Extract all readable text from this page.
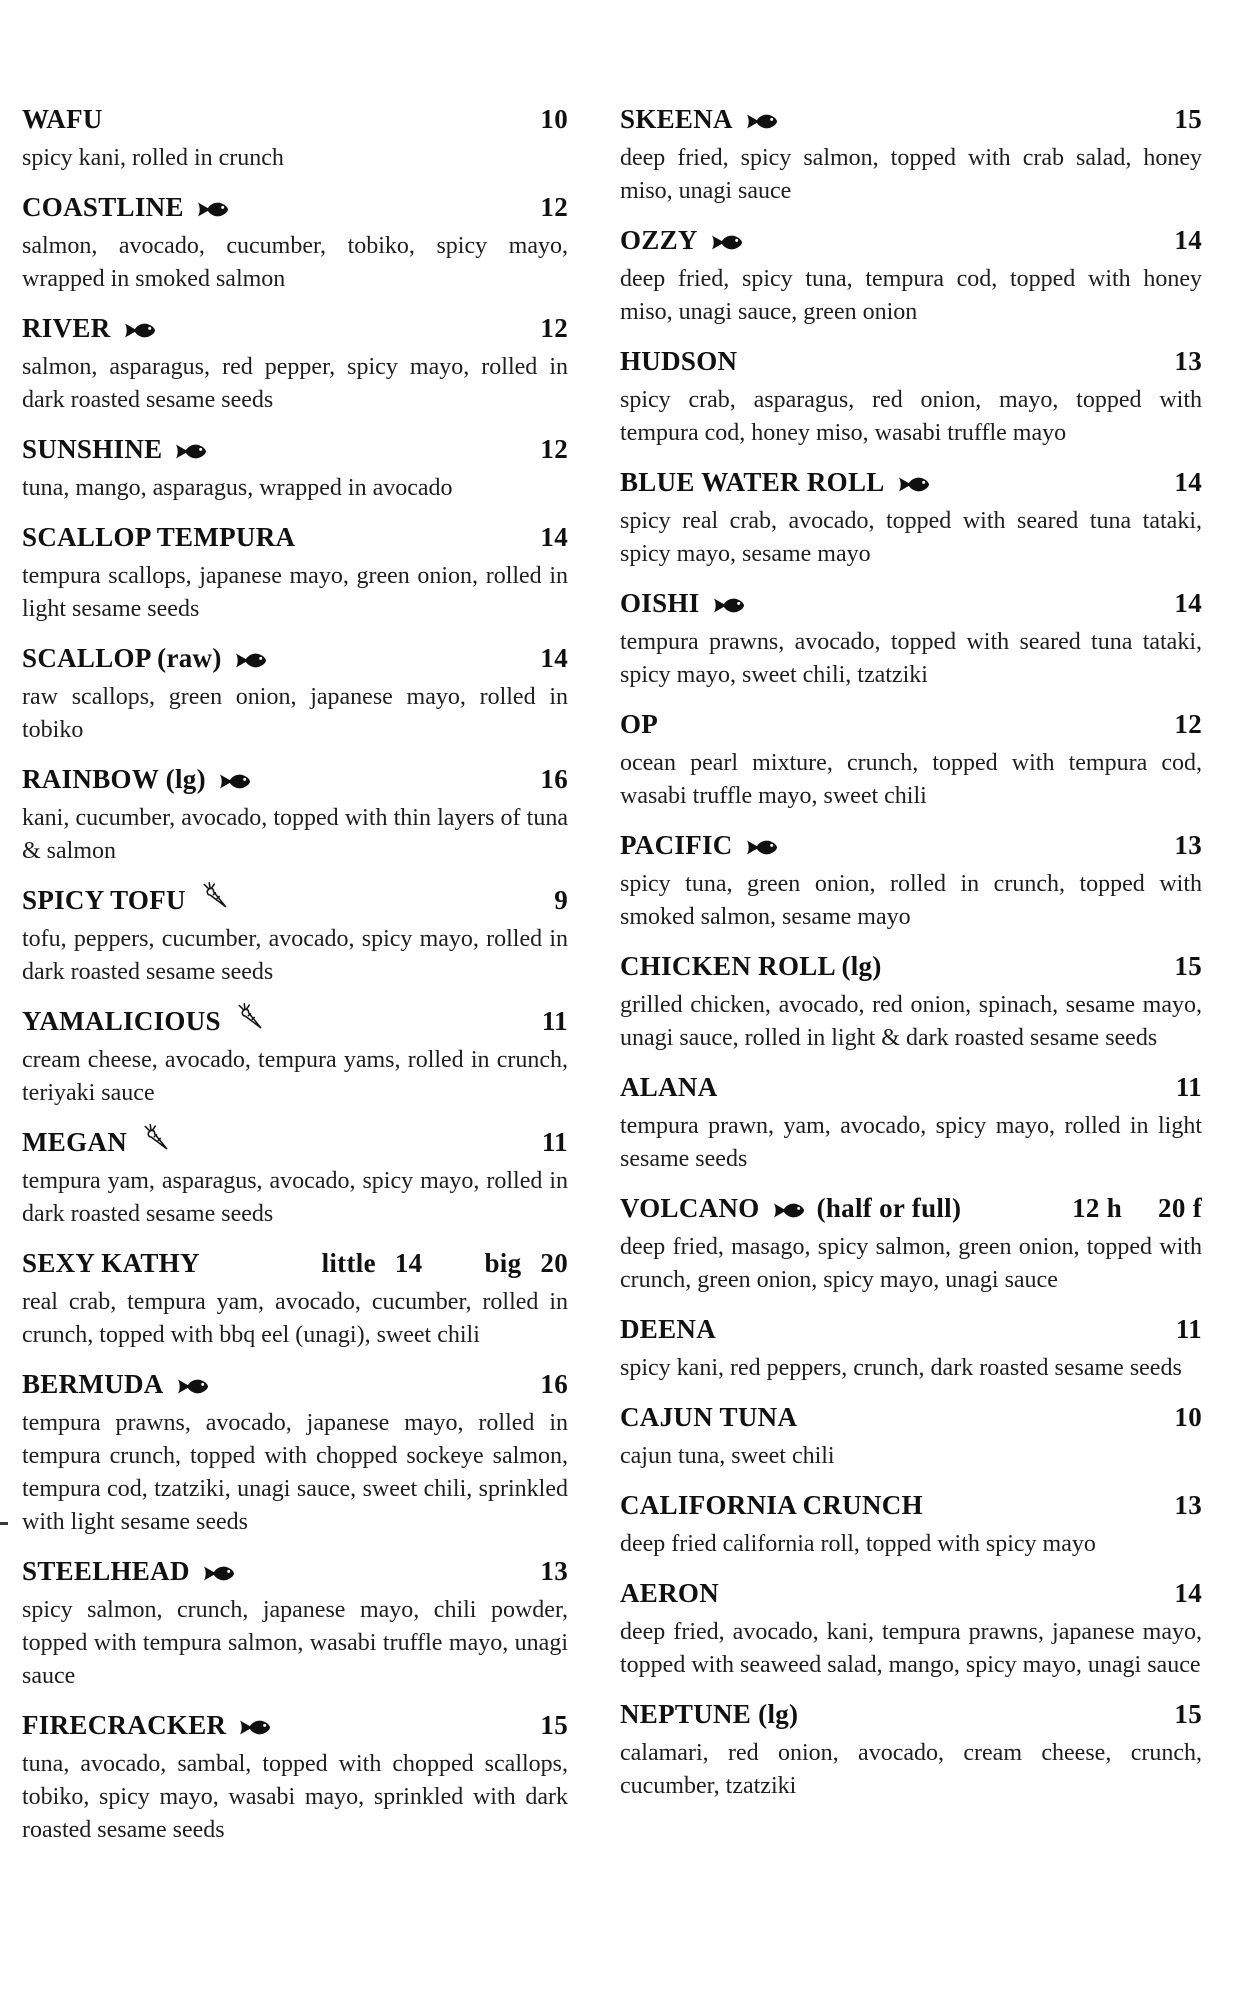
WAFU	10

spicy kani, rolled in crunch

COASTLINE	12

salmon, avocado, cucumber, tobiko, spicy mayo, wrapped in smoked salmon

RIVER	12

salmon, asparagus, red pepper, spicy mayo, rolled in dark roasted sesame seeds

SUNSHINE	12

tuna, mango, asparagus, wrapped in avocado

SCALLOP TEMPURA	14

tempura scallops, japanese mayo, green onion, rolled in light sesame seeds

SCALLOP (raw)	14

raw scallops, green onion, japanese mayo, rolled in tobiko

RAINBOW (lg)	16

kani, cucumber, avocado, topped with thin layers of tuna & salmon

SPICY TOFU	9

tofu, peppers, cucumber, avocado, spicy mayo, rolled in dark roasted sesame seeds

YAMALICIOUS	11

cream cheese, avocado, tempura yams, rolled in crunch, teriyaki sauce

MEGAN	11

tempura yam, asparagus, avocado, spicy mayo, rolled in dark roasted sesame seeds

SEXY KATHY	little 14 big 20

real crab, tempura yam, avocado, cucumber, rolled in crunch, topped with bbq eel (unagi), sweet chili

BERMUDA	16

tempura prawns, avocado, japanese mayo, rolled in tempura crunch, topped with chopped sockeye salmon, tempura cod, tzatziki, unagi sauce, sweet chili, sprinkled with light sesame seeds

STEELHEAD	13

spicy salmon, crunch, japanese mayo, chili powder, topped with tempura salmon, wasabi truffle mayo, unagi sauce

FIRECRACKER	15

tuna, avocado, sambal, topped with chopped scallops, tobiko, spicy mayo, wasabi mayo, sprinkled with dark roasted sesame seeds

SKEENA	15

deep fried, spicy salmon, topped with crab salad, honey miso, unagi sauce

OZZY	14

deep fried, spicy tuna, tempura cod, topped with honey miso, unagi sauce, green onion

HUDSON	13

spicy crab, asparagus, red onion, mayo, topped with tempura cod, honey miso, wasabi truffle mayo

BLUE WATER ROLL	14

spicy real crab, avocado, topped with seared tuna tataki, spicy mayo, sesame mayo

OISHI	14

tempura prawns, avocado, topped with seared tuna tataki, spicy mayo, sweet chili, tzatziki

OP	12

ocean pearl mixture, crunch, topped with tempura cod, wasabi truffle mayo, sweet chili

PACIFIC	13

spicy tuna, green onion, rolled in crunch, topped with smoked salmon, sesame mayo

CHICKEN ROLL (lg)	15

grilled chicken, avocado, red onion, spinach, sesame mayo, unagi sauce, rolled in light & dark roasted sesame seeds

ALANA	11

tempura prawn, yam, avocado, spicy mayo, rolled in light sesame seeds

VOLCANO (half or full)	12 h 20 f

deep fried, masago, spicy salmon, green onion, topped with crunch, green onion, spicy mayo, unagi sauce

DEENA	11

spicy kani, red peppers, crunch, dark roasted sesame seeds

CAJUN TUNA	10

cajun tuna, sweet chili

CALIFORNIA CRUNCH	13

deep fried california roll, topped with spicy mayo

AERON	14

deep fried, avocado, kani, tempura prawns, japanese mayo, topped with seaweed salad, mango, spicy mayo, unagi sauce

NEPTUNE (lg)	15

calamari, red onion, avocado, cream cheese, crunch, cucumber, tzatziki
